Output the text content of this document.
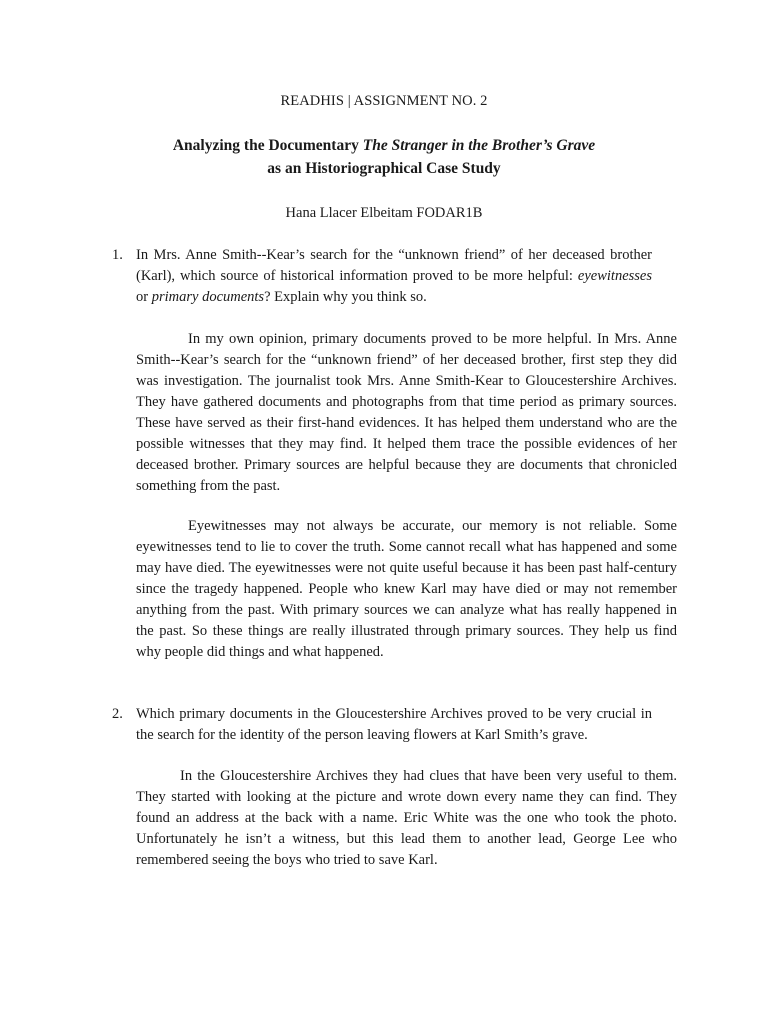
READHIS | ASSIGNMENT NO. 2
Analyzing the Documentary The Stranger in the Brother’s Grave
as an Historiographical Case Study
Hana Llacer Elbeitam FODAR1B
1. In Mrs. Anne Smith--Kear’s search for the “unknown friend” of her deceased brother (Karl), which source of historical information proved to be more helpful: eyewitnesses or primary documents? Explain why you think so.
In my own opinion, primary documents proved to be more helpful. In Mrs. Anne Smith--Kear’s search for the “unknown friend” of her deceased brother, first step they did was investigation. The journalist took Mrs. Anne Smith-Kear to Gloucestershire Archives. They have gathered documents and photographs from that time period as primary sources. These have served as their first-hand evidences. It has helped them understand who are the possible witnesses that they may find. It helped them trace the possible evidences of her deceased brother. Primary sources are helpful because they are documents that chronicled something from the past.
Eyewitnesses may not always be accurate, our memory is not reliable. Some eyewitnesses tend to lie to cover the truth. Some cannot recall what has happened and some may have died. The eyewitnesses were not quite useful because it has been past half-century since the tragedy happened. People who knew Karl may have died or may not remember anything from the past. With primary sources we can analyze what has really happened in the past. So these things are really illustrated through primary sources. They help us find why people did things and what happened.
2. Which primary documents in the Gloucestershire Archives proved to be very crucial in the search for the identity of the person leaving flowers at Karl Smith’s grave.
In the Gloucestershire Archives they had clues that have been very useful to them. They started with looking at the picture and wrote down every name they can find. They found an address at the back with a name. Eric White was the one who took the photo. Unfortunately he isn’t a witness, but this lead them to another lead, George Lee who remembered seeing the boys who tried to save Karl.
